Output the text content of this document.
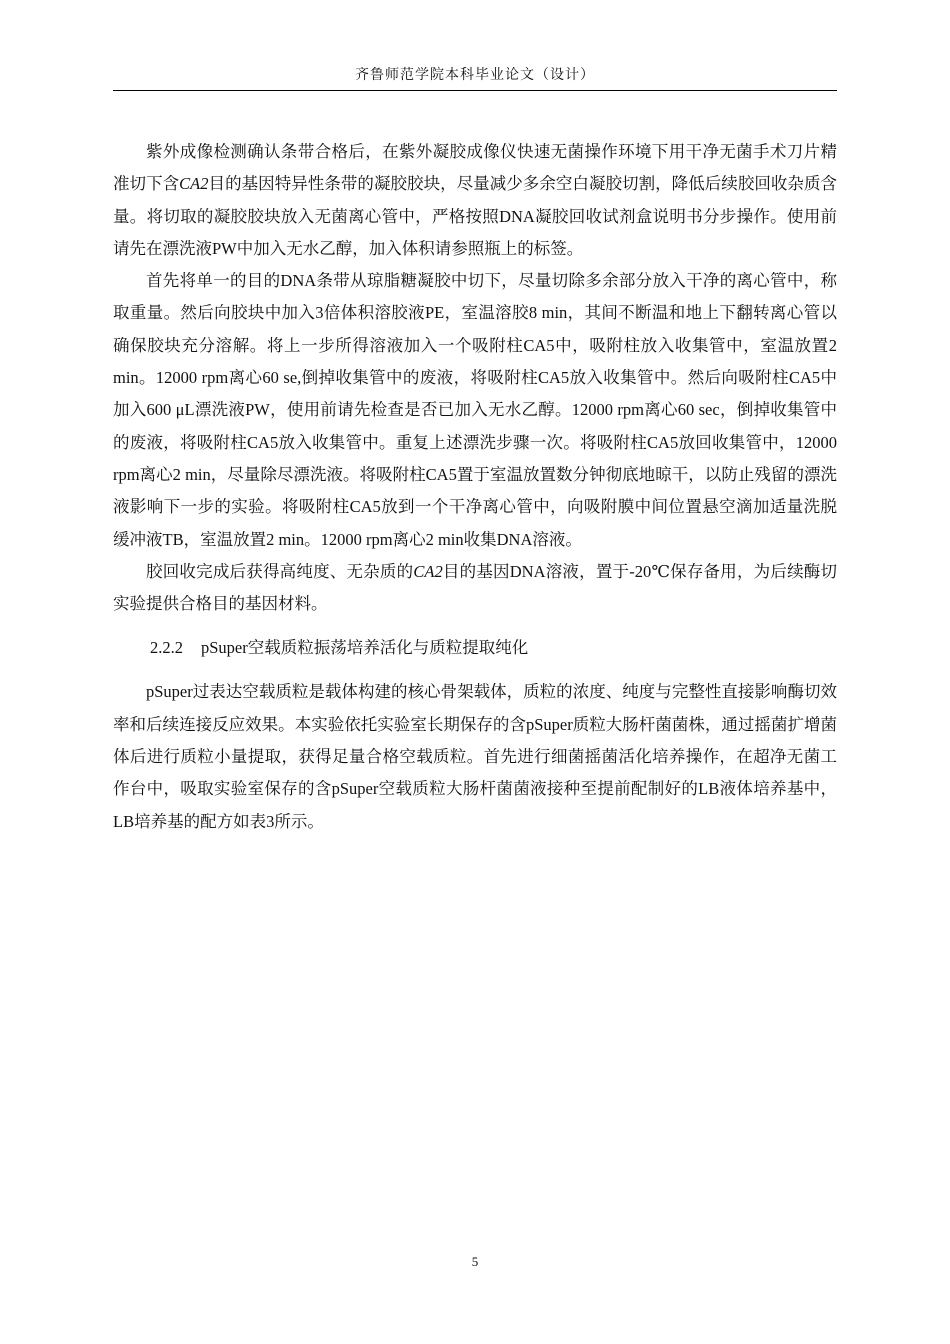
齐鲁师范学院本科毕业论文（设计）

紫外成像检测确认条带合格后，在紫外凝胶成像仪快速无菌操作环境下用干净无菌手术刀片精准切下含CA2目的基因特异性条带的凝胶胶块，尽量减少多余空白凝胶切割，降低后续胶回收杂质含量。将切取的凝胶胶块放入无菌离心管中，严格按照DNA凝胶回收试剂盒说明书分步操作。使用前请先在漂洗液PW中加入无水乙醇，加入体积请参照瓶上的标签。

首先将单一的目的DNA条带从琼脂糖凝胶中切下，尽量切除多余部分放入干净的离心管中，称取重量。然后向胶块中加入3倍体积溶胶液PE，室温溶胶8 min，其间不断温和地上下翻转离心管以确保胶块充分溶解。将上一步所得溶液加入一个吸附柱CA5中，吸附柱放入收集管中，室温放置2 min。12000 rpm离心60 se,倒掉收集管中的废液，将吸附柱CA5放入收集管中。然后向吸附柱CA5中加入600 μL漂洗液PW，使用前请先检查是否已加入无水乙醇。12000 rpm离心60 sec，倒掉收集管中的废液，将吸附柱CA5放入收集管中。重复上述漂洗步骤一次。将吸附柱CA5放回收集管中，12000 rpm离心2 min，尽量除尽漂洗液。将吸附柱CA5置于室温放置数分钟彻底地晾干，以防止残留的漂洗液影响下一步的实验。将吸附柱CA5放到一个干净离心管中，向吸附膜中间位置悬空滴加适量洗脱缓冲液TB，室温放置2 min。12000 rpm离心2 min收集DNA溶液。

胶回收完成后获得高纯度、无杂质的CA2目的基因DNA溶液，置于-20℃保存备用，为后续酶切实验提供合格目的基因材料。

2.2.2 pSuper空载质粒振荡培养活化与质粒提取纯化

pSuper过表达空载质粒是载体构建的核心骨架载体，质粒的浓度、纯度与完整性直接影响酶切效率和后续连接反应效果。本实验依托实验室长期保存的含pSuper质粒大肠杆菌菌株，通过摇菌扩增菌体后进行质粒小量提取，获得足量合格空载质粒。首先进行细菌摇菌活化培养操作，在超净无菌工作台中，吸取实验室保存的含pSuper空载质粒大肠杆菌菌液接种至提前配制好的LB液体培养基中，LB培养基的配方如表3所示。

5
